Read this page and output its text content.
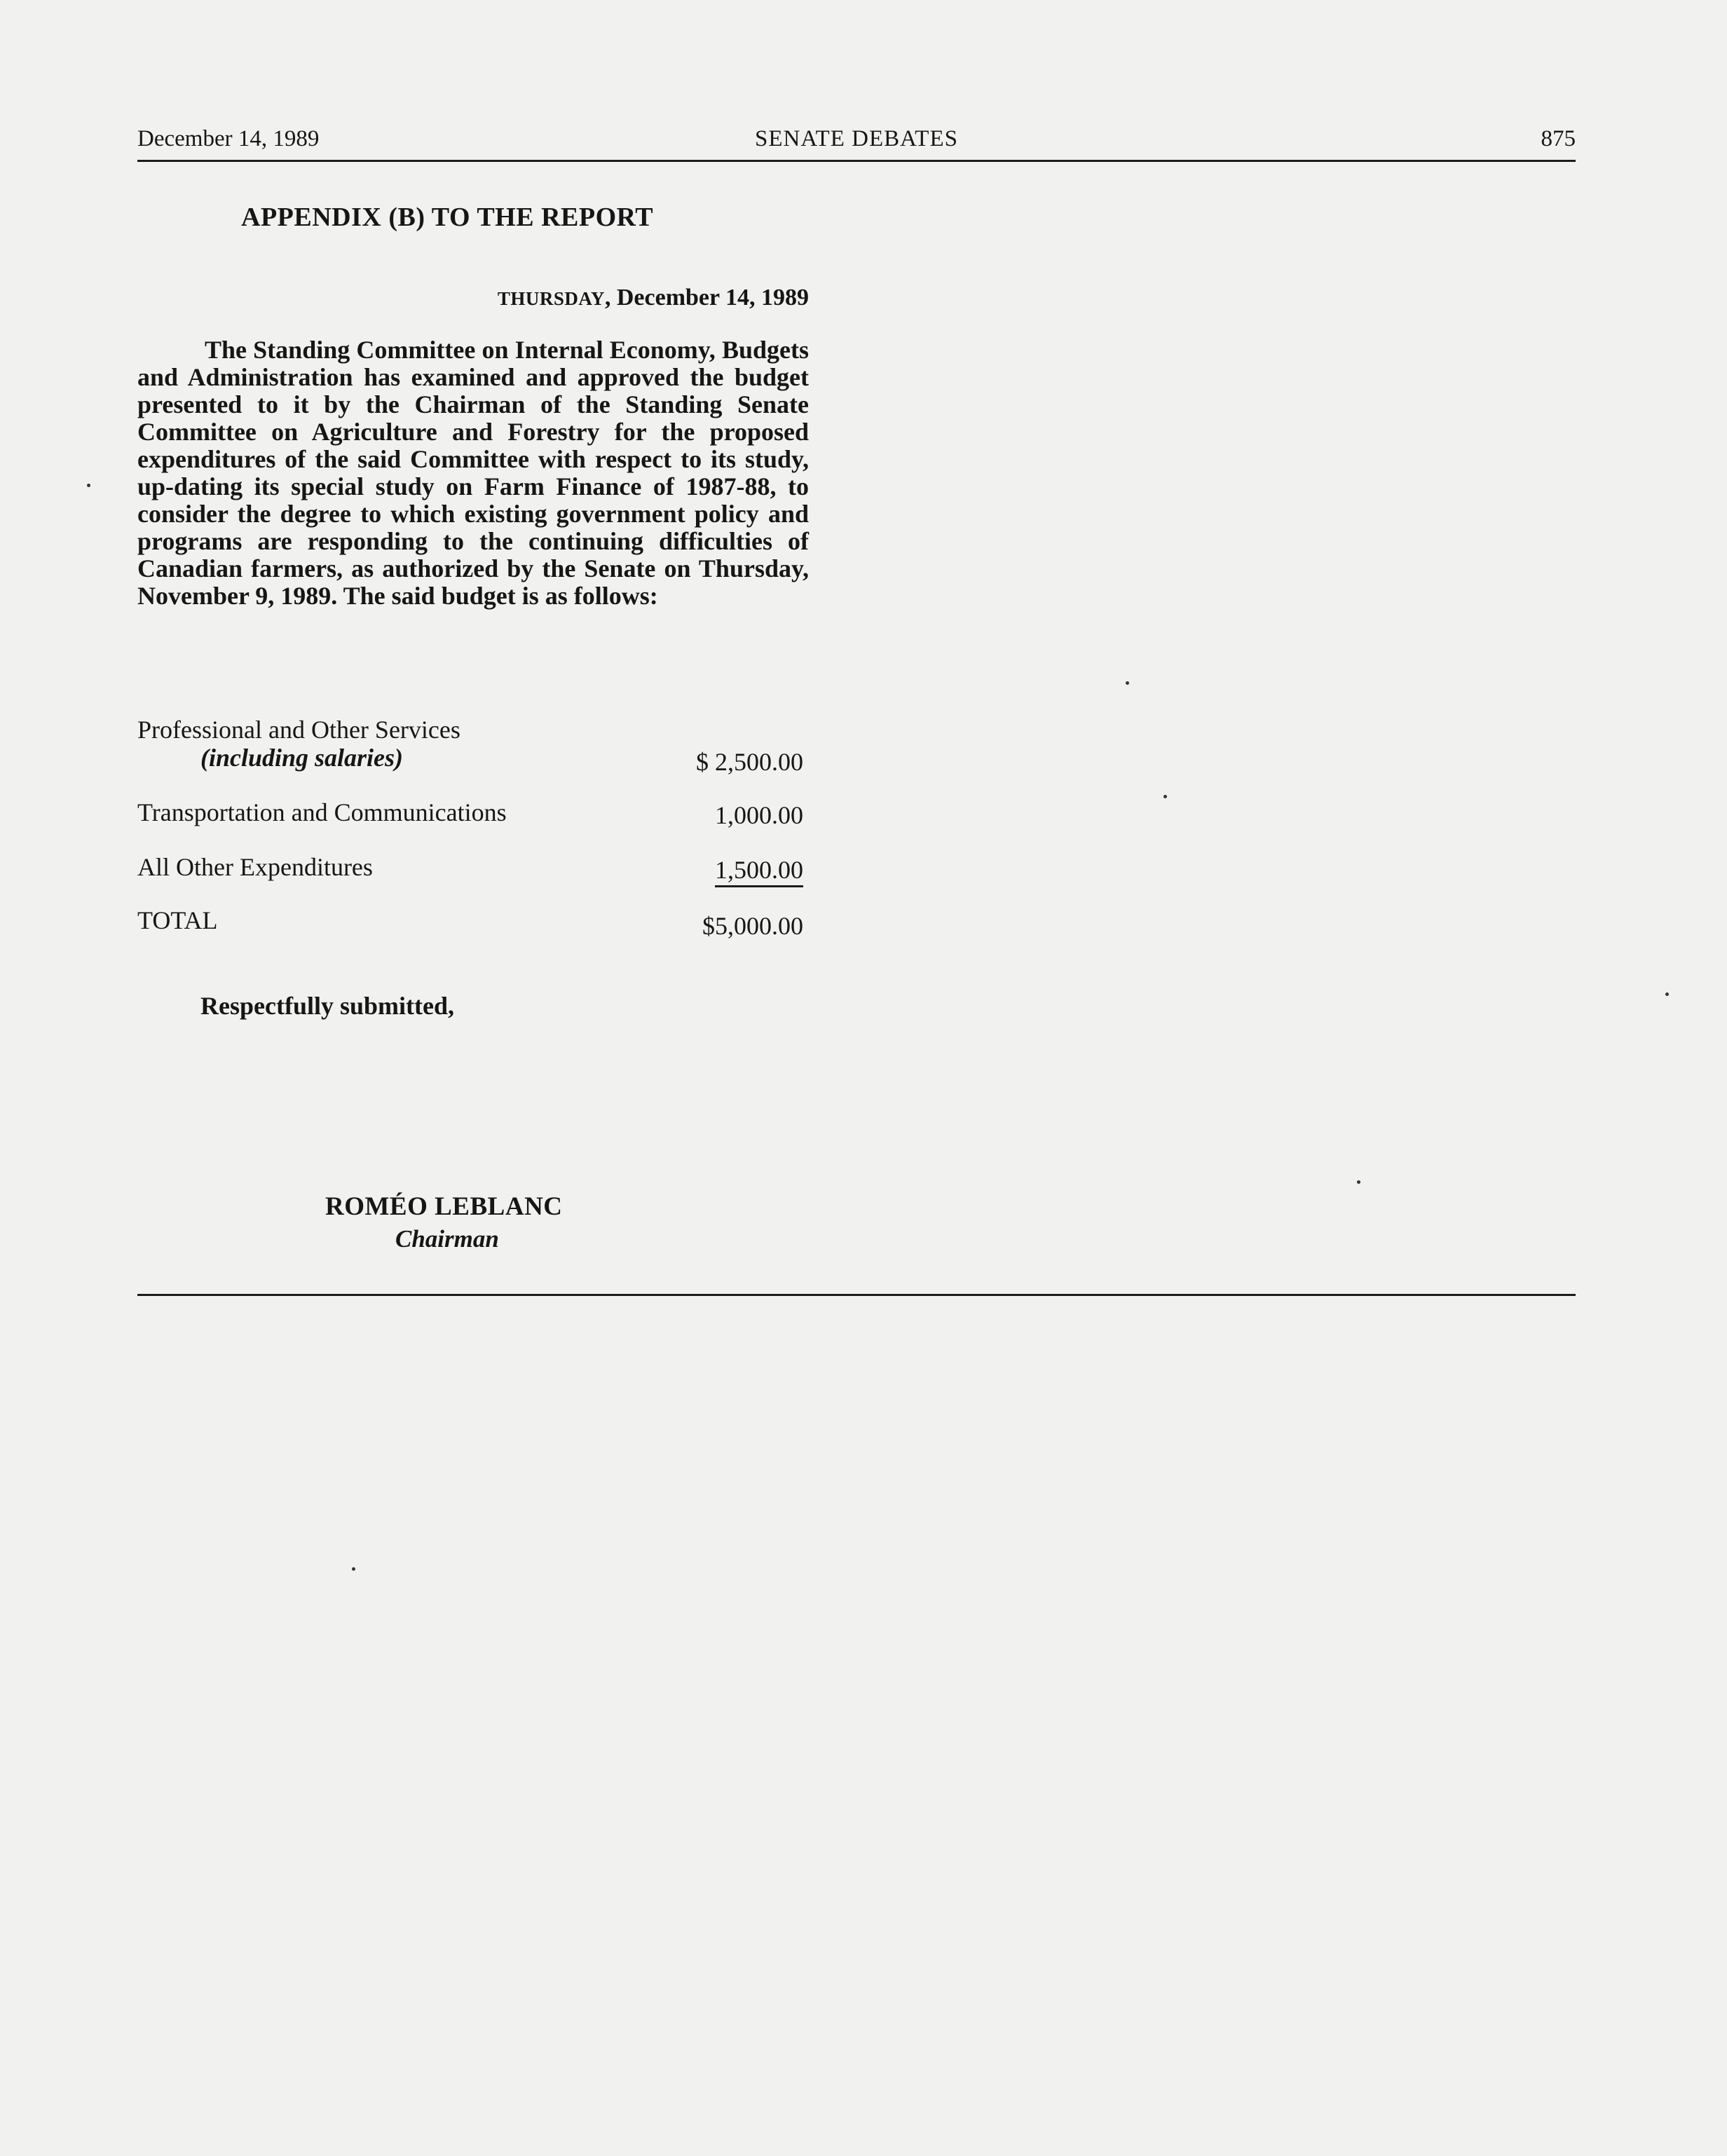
December 14, 1989	SENATE DEBATES	875
APPENDIX (B) TO THE REPORT
THURSDAY, December 14, 1989

The Standing Committee on Internal Economy, Budgets and Administration has examined and approved the budget presented to it by the Chairman of the Standing Senate Committee on Agriculture and Forestry for the proposed expenditures of the said Committee with respect to its study, up-dating its special study on Farm Finance of 1987-88, to consider the degree to which existing government policy and programs are responding to the continuing difficulties of Canadian farmers, as authorized by the Senate on Thursday, November 9, 1989. The said budget is as follows:

Professional and Other Services
(including salaries)	$ 2,500.00
Transportation and Communications	1,000.00
All Other Expenditures	1,500.00
TOTAL	$5,000.00
Respectfully submitted,
ROMÉO LEBLANC
Chairman
